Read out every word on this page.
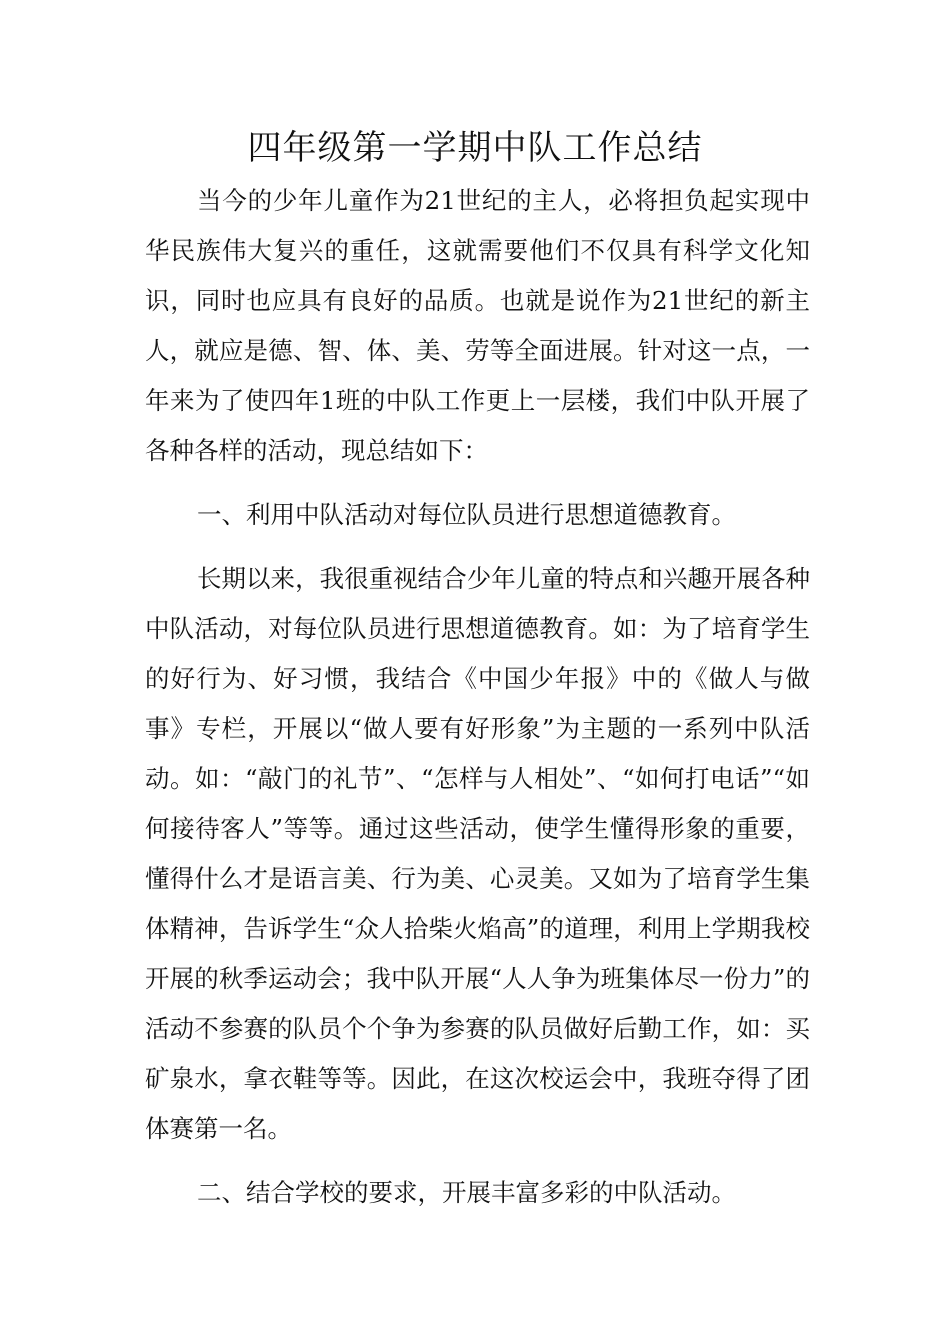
四年级第一学期中队工作总结

当今的少年儿童作为21世纪的主人，必将担负起实现中华民族伟大复兴的重任，这就需要他们不仅具有科学文化知识，同时也应具有良好的品质。也就是说作为21世纪的新主人，就应是德、智、体、美、劳等全面进展。针对这一点，一年来为了使四年1班的中队工作更上一层楼，我们中队开展了各种各样的活动，现总结如下：

一、利用中队活动对每位队员进行思想道德教育。

长期以来，我很重视结合少年儿童的特点和兴趣开展各种中队活动，对每位队员进行思想道德教育。如：为了培育学生的好行为、好习惯，我结合《中国少年报》中的《做人与做事》专栏，开展以“做人要有好形象”为主题的一系列中队活动。如：“敲门的礼节”、“怎样与人相处”、“如何打电话”“如何接待客人”等等。通过这些活动，使学生懂得形象的重要，懂得什么才是语言美、行为美、心灵美。又如为了培育学生集体精神，告诉学生“众人拾柴火焰高”的道理，利用上学期我校开展的秋季运动会；我中队开展“人人争为班集体尽一份力”的活动不参赛的队员个个争为参赛的队员做好后勤工作，如：买矿泉水，拿衣鞋等等。因此，在这次校运会中，我班夺得了团体赛第一名。

二、结合学校的要求，开展丰富多彩的中队活动。
